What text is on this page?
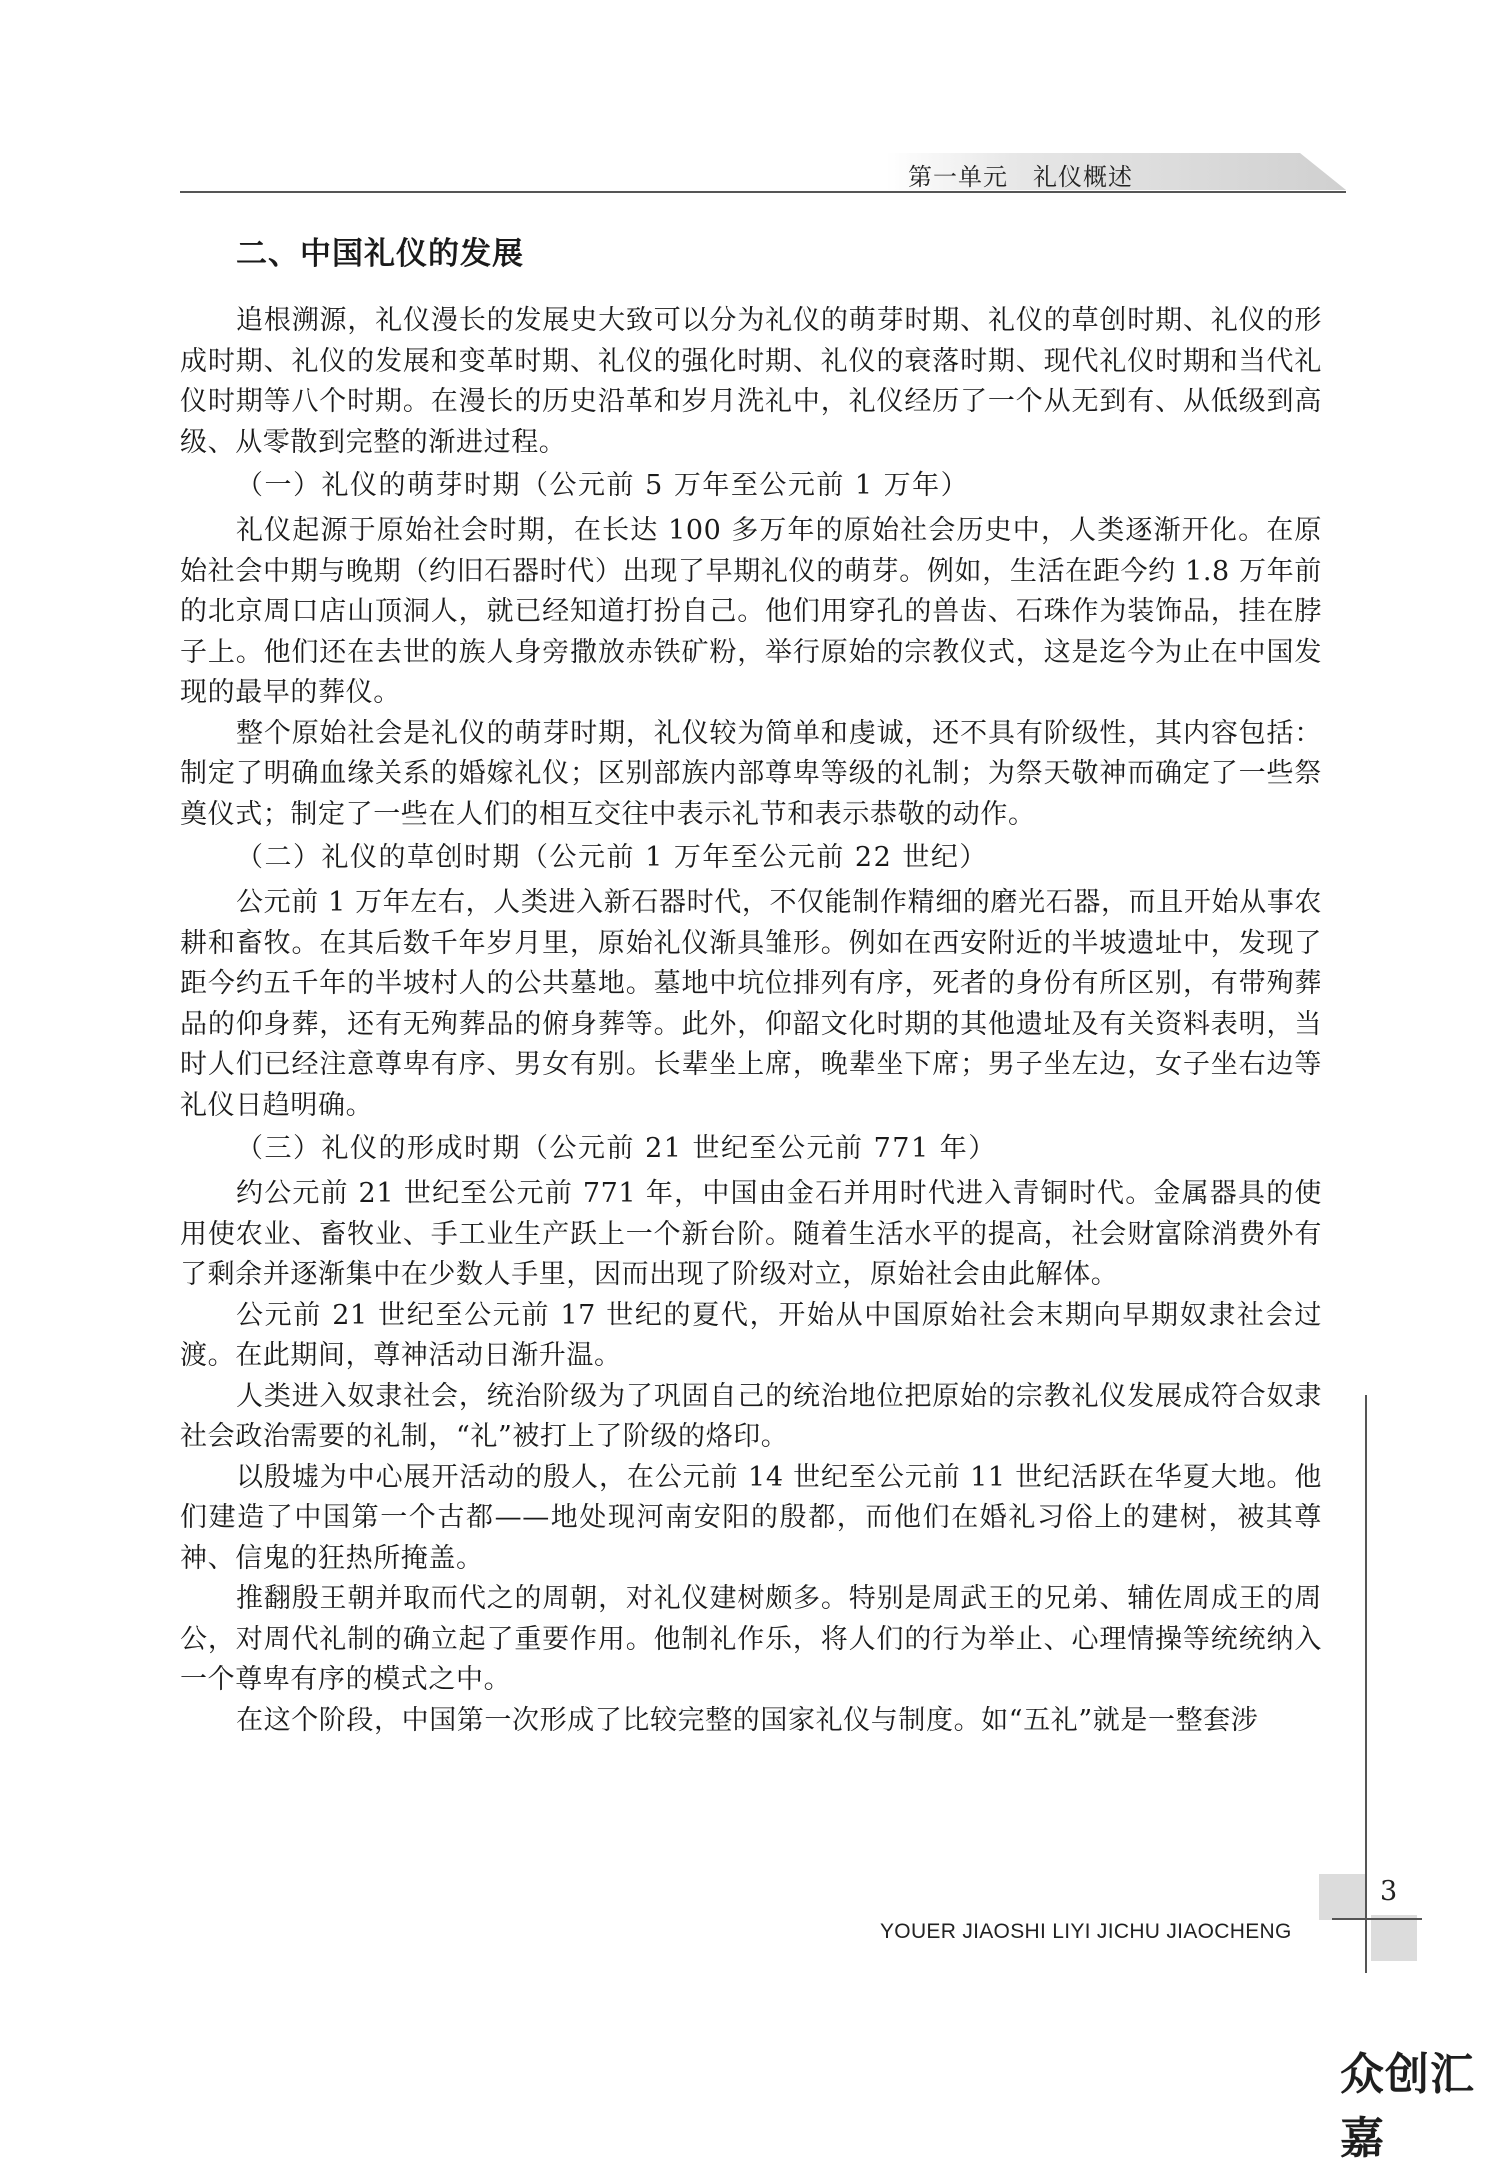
第一单元　礼仪概述
二、中国礼仪的发展

追根溯源，礼仪漫长的发展史大致可以分为礼仪的萌芽时期、礼仪的草创时期、礼仪的形成时期、礼仪的发展和变革时期、礼仪的强化时期、礼仪的衰落时期、现代礼仪时期和当代礼仪时期等八个时期。在漫长的历史沿革和岁月洗礼中，礼仪经历了一个从无到有、从低级到高级、从零散到完整的渐进过程。

（一）礼仪的萌芽时期（公元前 5 万年至公元前 1 万年）

礼仪起源于原始社会时期，在长达 100 多万年的原始社会历史中，人类逐渐开化。在原始社会中期与晚期（约旧石器时代）出现了早期礼仪的萌芽。例如，生活在距今约 1.8 万年前的北京周口店山顶洞人，就已经知道打扮自己。他们用穿孔的兽齿、石珠作为装饰品，挂在脖子上。他们还在去世的族人身旁撒放赤铁矿粉，举行原始的宗教仪式，这是迄今为止在中国发现的最早的葬仪。

整个原始社会是礼仪的萌芽时期，礼仪较为简单和虔诚，还不具有阶级性，其内容包括：制定了明确血缘关系的婚嫁礼仪；区别部族内部尊卑等级的礼制；为祭天敬神而确定了一些祭奠仪式；制定了一些在人们的相互交往中表示礼节和表示恭敬的动作。

（二）礼仪的草创时期（公元前 1 万年至公元前 22 世纪）

公元前 1 万年左右，人类进入新石器时代，不仅能制作精细的磨光石器，而且开始从事农耕和畜牧。在其后数千年岁月里，原始礼仪渐具雏形。例如在西安附近的半坡遗址中，发现了距今约五千年的半坡村人的公共墓地。墓地中坑位排列有序，死者的身份有所区别，有带殉葬品的仰身葬，还有无殉葬品的俯身葬等。此外，仰韶文化时期的其他遗址及有关资料表明，当时人们已经注意尊卑有序、男女有别。长辈坐上席，晚辈坐下席；男子坐左边，女子坐右边等礼仪日趋明确。

（三）礼仪的形成时期（公元前 21 世纪至公元前 771 年）

约公元前 21 世纪至公元前 771 年，中国由金石并用时代进入青铜时代。金属器具的使用使农业、畜牧业、手工业生产跃上一个新台阶。随着生活水平的提高，社会财富除消费外有了剩余并逐渐集中在少数人手里，因而出现了阶级对立，原始社会由此解体。

公元前 21 世纪至公元前 17 世纪的夏代，开始从中国原始社会末期向早期奴隶社会过渡。在此期间，尊神活动日渐升温。

人类进入奴隶社会，统治阶级为了巩固自己的统治地位把原始的宗教礼仪发展成符合奴隶社会政治需要的礼制，“礼”被打上了阶级的烙印。

以殷墟为中心展开活动的殷人，在公元前 14 世纪至公元前 11 世纪活跃在华夏大地。他们建造了中国第一个古都——地处现河南安阳的殷都，而他们在婚礼习俗上的建树，被其尊神、信鬼的狂热所掩盖。

推翻殷王朝并取而代之的周朝，对礼仪建树颇多。特别是周武王的兄弟、辅佐周成王的周公，对周代礼制的确立起了重要作用。他制礼作乐，将人们的行为举止、心理情操等统统纳入一个尊卑有序的模式之中。

在这个阶段，中国第一次形成了比较完整的国家礼仪与制度。如“五礼”就是一整套涉

3
YOUER JIAOSHI LIYI JICHU JIAOCHENG
众创汇嘉
